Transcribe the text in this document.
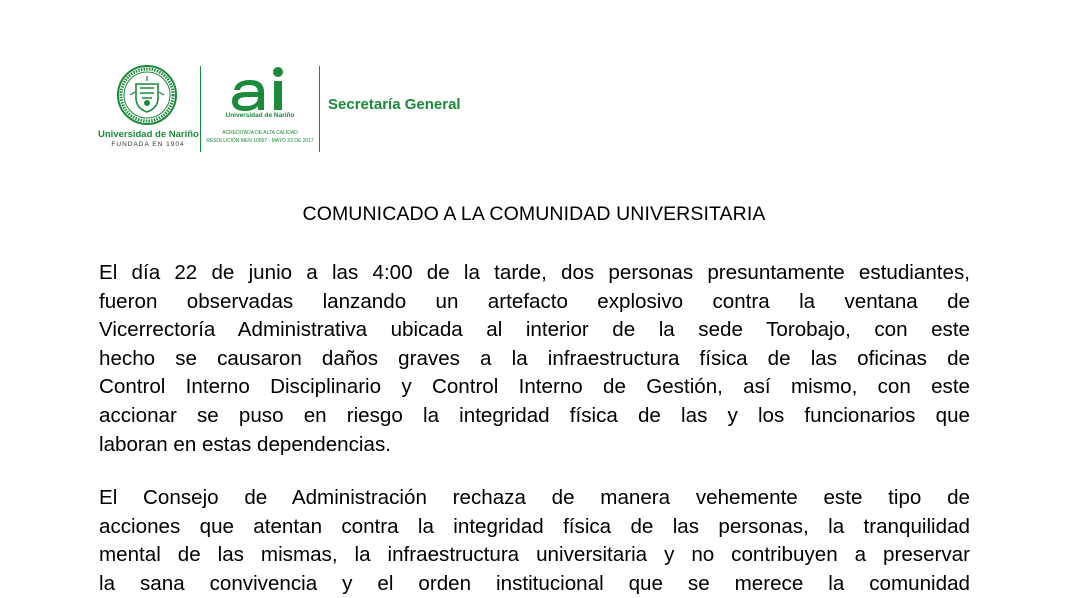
Universidad de Nariño
FUNDADA EN 1904
Universidad de Nariño
ACREDITADA DE ALTA CALIDAD
RESOLUCIÓN MEN 10567 - MAYO 23 DE 2017
Secretaría General
COMUNICADO A LA COMUNIDAD UNIVERSITARIA
El día 22 de junio a las 4:00 de la tarde, dos personas presuntamente estudiantes,
fueron observadas lanzando un artefacto explosivo contra la ventana de
Vicerrectoría Administrativa ubicada al interior de la sede Torobajo, con este
hecho se causaron daños graves a la infraestructura física de las oficinas de
Control Interno Disciplinario y Control Interno de Gestión, así mismo, con este
accionar se puso en riesgo la integridad física de las y los funcionarios que
laboran en estas dependencias.
El Consejo de Administración rechaza de manera vehemente este tipo de
acciones que atentan contra la integridad física de las personas, la tranquilidad
mental de las mismas, la infraestructura universitaria y no contribuyen a preservar
la sana convivencia y el orden institucional que se merece la comunidad
